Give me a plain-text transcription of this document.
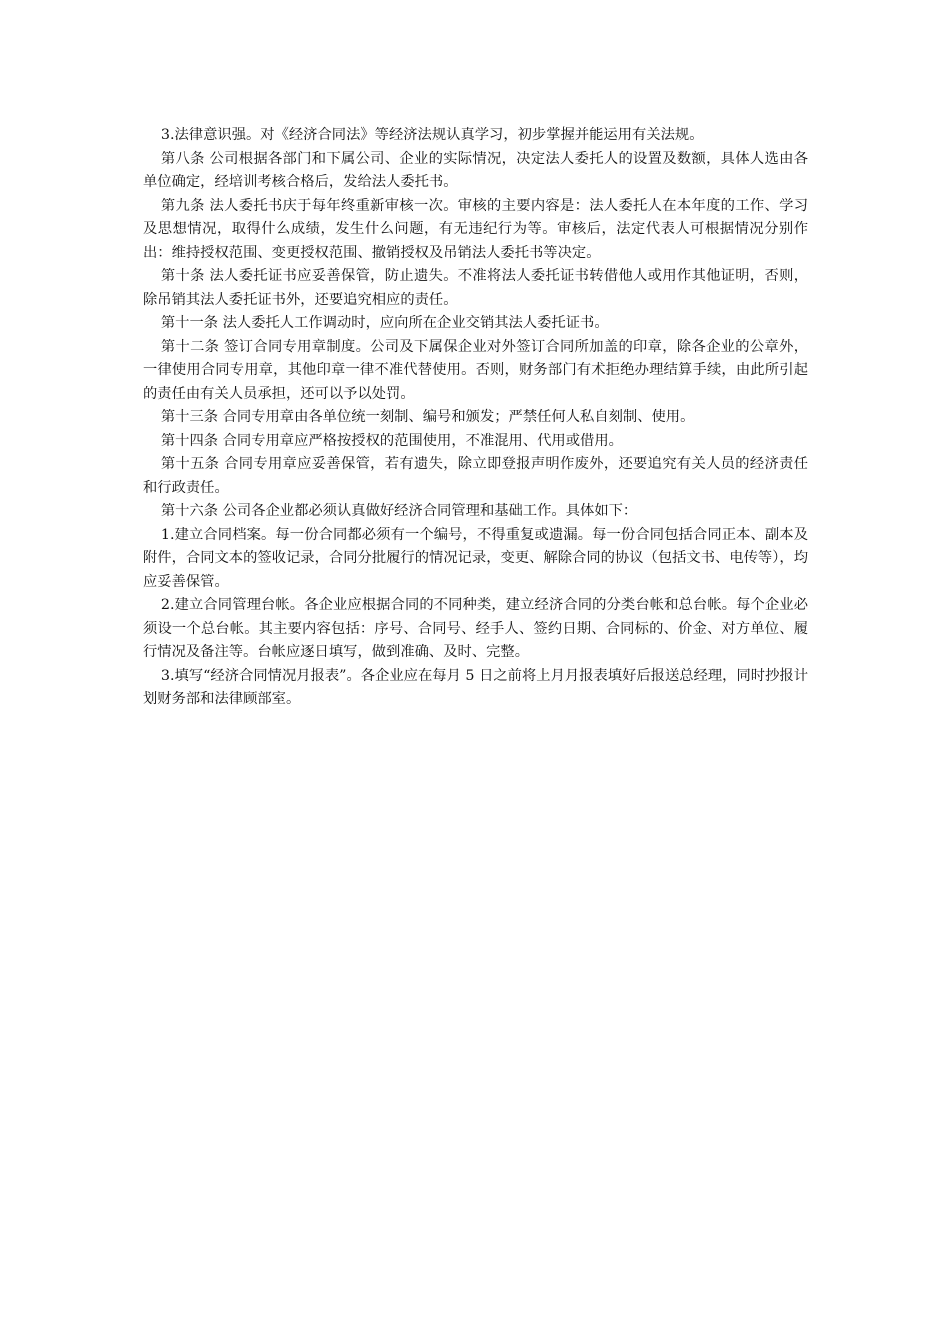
3.法律意识强。对《经济合同法》等经济法规认真学习，初步掌握并能运用有关法规。

第八条 公司根据各部门和下属公司、企业的实际情况，决定法人委托人的设置及数额，具体人选由各单位确定，经培训考核合格后，发给法人委托书。

第九条 法人委托书庆于每年终重新审核一次。审核的主要内容是：法人委托人在本年度的工作、学习及思想情况，取得什么成绩，发生什么问题，有无违纪行为等。审核后，法定代表人可根据情况分别作出：维持授权范围、变更授权范围、撤销授权及吊销法人委托书等决定。

第十条 法人委托证书应妥善保管，防止遗失。不准将法人委托证书转借他人或用作其他证明，否则，除吊销其法人委托证书外，还要追究相应的责任。

第十一条 法人委托人工作调动时，应向所在企业交销其法人委托证书。

第十二条 签订合同专用章制度。公司及下属保企业对外签订合同所加盖的印章，除各企业的公章外，一律使用合同专用章，其他印章一律不准代替使用。否则，财务部门有术拒绝办理结算手续，由此所引起的责任由有关人员承担，还可以予以处罚。

第十三条 合同专用章由各单位统一刻制、编号和颁发；严禁任何人私自刻制、使用。

第十四条 合同专用章应严格按授权的范围使用，不准混用、代用或借用。

第十五条 合同专用章应妥善保管，若有遗失，除立即登报声明作废外，还要追究有关人员的经济责任和行政责任。

第十六条 公司各企业都必须认真做好经济合同管理和基础工作。具体如下：

1.建立合同档案。每一份合同都必须有一个编号，不得重复或遗漏。每一份合同包括合同正本、副本及附件，合同文本的签收记录，合同分批履行的情况记录，变更、解除合同的协议（包括文书、电传等），均应妥善保管。

2.建立合同管理台帐。各企业应根据合同的不同种类，建立经济合同的分类台帐和总台帐。每个企业必须设一个总台帐。其主要内容包括：序号、合同号、经手人、签约日期、合同标的、价金、对方单位、履行情况及备注等。台帐应逐日填写，做到准确、及时、完整。

3.填写“经济合同情况月报表”。各企业应在每月 5 日之前将上月月报表填好后报送总经理，同时抄报计划财务部和法律顾部室。
